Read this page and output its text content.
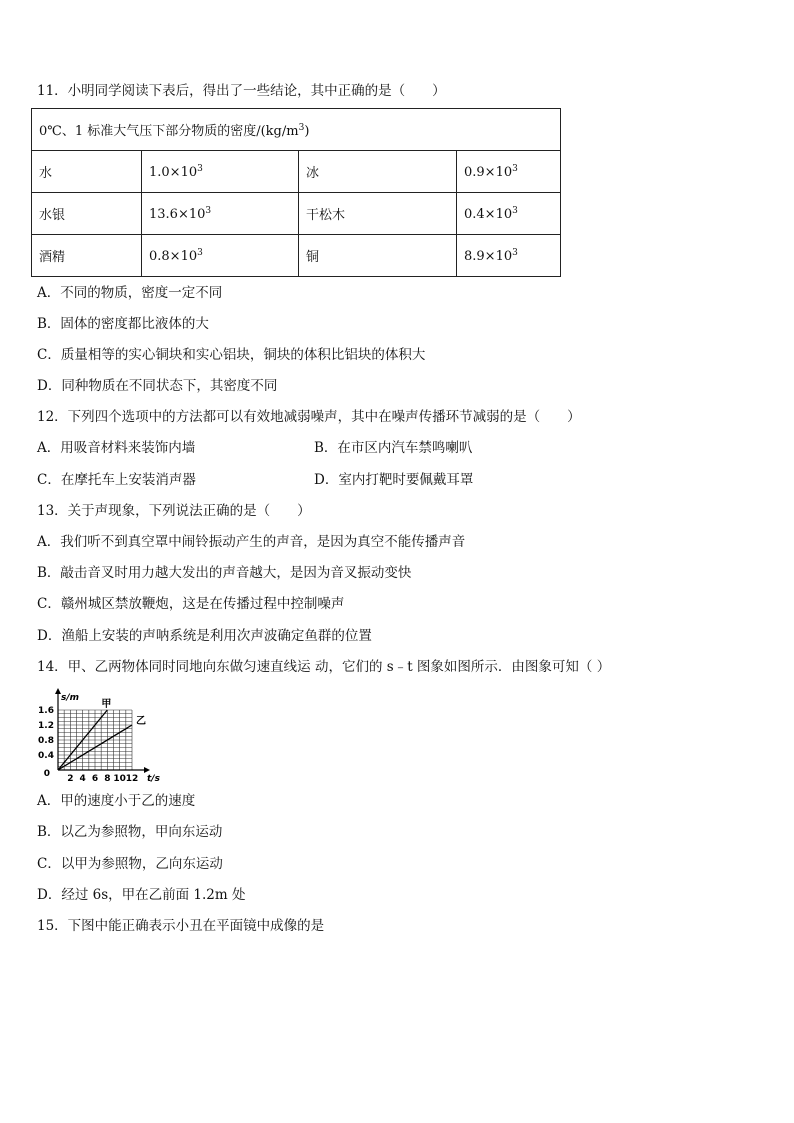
11．小明同学阅读下表后，得出了一些结论，其中正确的是（　　）
0℃、1 标准大气压下部分物质的密度$/(kg/m^3)$			
水	$1.0\times 10^3$	冰	$0.9\times 10^3$
水银	$13.6\times 10^3$	干松木	$0.4\times 10^3$
酒精	$0.8\times 10^3$	铜	$8.9\times 10^3$
A．不同的物质，密度一定不同
B．固体的密度都比液体的大
C．质量相等的实心铜块和实心铝块，铜块的体积比铝块的体积大
D．同种物质在不同状态下，其密度不同
12．下列四个选项中的方法都可以有效地减弱噪声，其中在噪声传播环节减弱的是（　　）
A．用吸音材料来装饰内墙	B．在市区内汽车禁鸣喇叭
C．在摩托车上安装消声器	D．室内打靶时要佩戴耳罩
13．关于声现象，下列说法正确的是（　　）
A．我们听不到真空罩中闹铃振动产生的声音，是因为真空不能传播声音
B．敲击音叉时用力越大发出的声音越大，是因为音叉振动变快
C．赣州城区禁放鞭炮，这是在传播过程中控制噪声
D．渔船上安装的声呐系统是利用次声波确定鱼群的位置
14．甲、乙两物体同时同地向东做匀速直线运 动，它们的 s﹣t 图象如图所示．由图象可知（ ）
甲
乙
2 4 6 8 10 12
0.4
0.8
1.2
1.6
0	t/s
s/m
A．甲的速度小于乙的速度
B．以乙为参照物，甲向东运动
C．以甲为参照物，乙向东运动
D．经过 6s，甲在乙前面 1.2m 处
15．下图中能正确表示小丑在平面镜中成像的是
